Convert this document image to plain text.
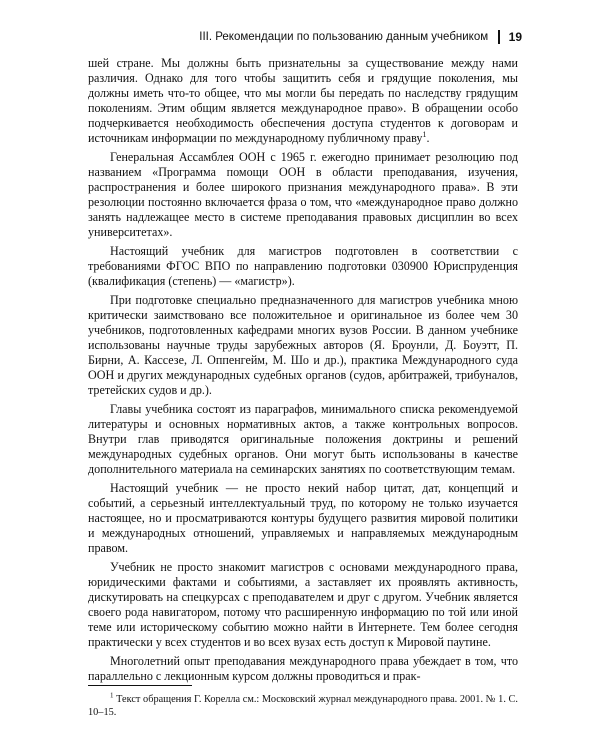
III. Рекомендации по пользованию данным учебником 19

шей стране. Мы должны быть признательны за существование между нами различия. Однако для того чтобы защитить себя и грядущие поколения, мы должны иметь что-то общее, что мы могли бы передать по наследству грядущим поколениям. Этим общим является международное право». В обращении особо подчеркивается необходимость обеспечения доступа студентов к договорам и источникам информации по международному публичному праву$^1$.

Генеральная Ассамблея ООН с 1965 г. ежегодно принимает резолюцию под названием «Программа помощи ООН в области преподавания, изучения, распространения и более широкого признания международного права». В эти резолюции постоянно включается фраза о том, что «международное право должно занять надлежащее место в системе преподавания правовых дисциплин во всех университетах».

Настоящий учебник для магистров подготовлен в соответствии с требованиями ФГОС ВПО по направлению подготовки 030900 Юриспруденция (квалификация (степень) — «магистр»).

При подготовке специально предназначенного для магистров учебника мною критически заимствовано все положительное и оригинальное из более чем 30 учебников, подготовленных кафедрами многих вузов России. В данном учебнике использованы научные труды зарубежных авторов (Я. Броунли, Д. Боуэтт, П. Бирни, А. Кассезе, Л. Оппенгейм, М. Шо и др.), практика Международного суда ООН и других международных судебных органов (судов, арбитражей, трибуналов, третейских судов и др.).

Главы учебника состоят из параграфов, минимального списка рекомендуемой литературы и основных нормативных актов, а также контрольных вопросов. Внутри глав приводятся оригинальные положения доктрины и решений международных судебных органов. Они могут быть использованы в качестве дополнительного материала на семинарских занятиях по соответствующим темам.

Настоящий учебник — не просто некий набор цитат, дат, концепций и событий, а серьезный интеллектуальный труд, по которому не только изучается настоящее, но и просматриваются контуры будущего развития мировой политики и международных отношений, управляемых и направляемых международным правом.

Учебник не просто знакомит магистров с основами международного права, юридическими фактами и событиями, а заставляет их проявлять активность, дискутировать на спецкурсах с преподавателем и друг с другом. Учебник является своего рода навигатором, потому что расширенную информацию по той или иной теме или историческому событию можно найти в Интернете. Тем более сегодня практически у всех студентов и во всех вузах есть доступ к Мировой паутине.

Многолетний опыт преподавания международного права убеждает в том, что параллельно с лекционным курсом должны проводиться и прак-

$^1$ Текст обращения Г. Корелла см.: Московский журнал международного права. 2001. № 1. С. 10–15.
